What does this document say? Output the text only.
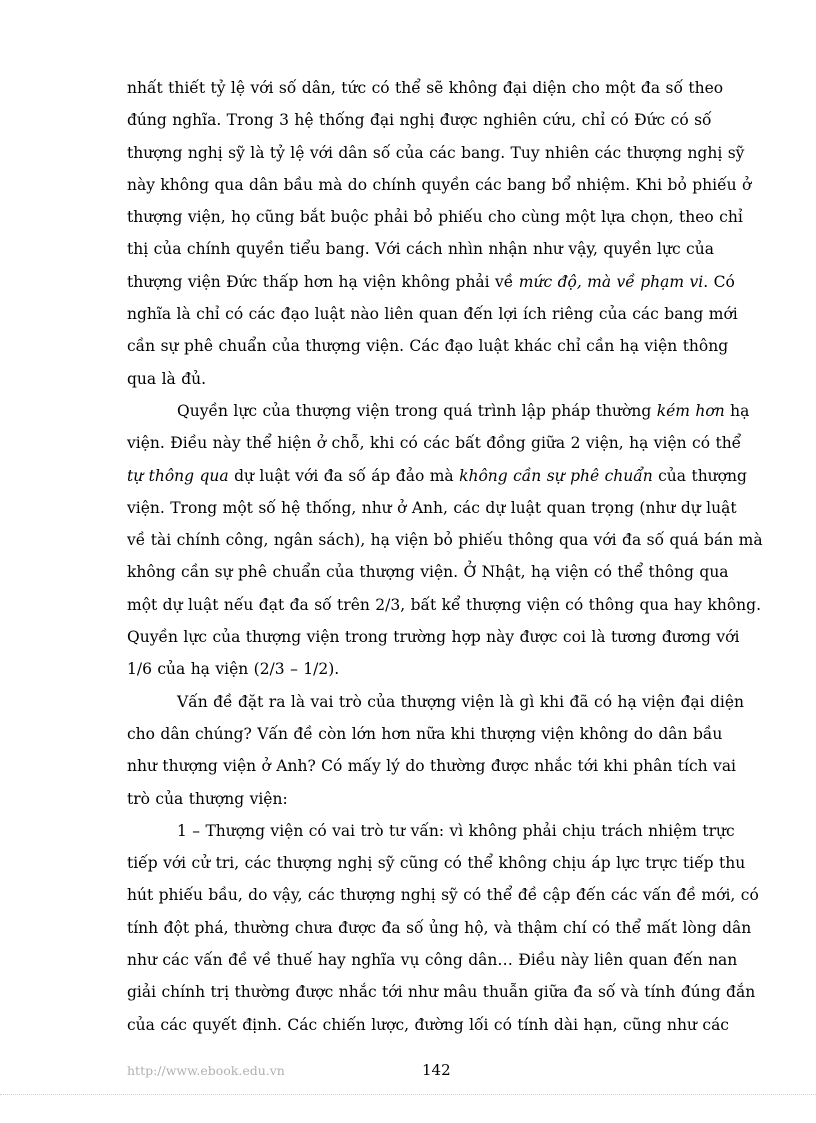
nhất thiết tỷ lệ với số dân, tức có thể sẽ không đại diện cho một đa số theo
đúng nghĩa. Trong 3 hệ thống đại nghị được nghiên cứu, chỉ có Đức có số
thượng nghị sỹ là tỷ lệ với dân số của các bang. Tuy nhiên các thượng nghị sỹ
này không qua dân bầu mà do chính quyền các bang bổ nhiệm. Khi bỏ phiếu ở
thượng viện, họ cũng bắt buộc phải bỏ phiếu cho cùng một lựa chọn, theo chỉ
thị của chính quyền tiểu bang. Với cách nhìn nhận như vậy, quyền lực của
thượng viện Đức thấp hơn hạ viện không phải về mức độ, mà về phạm vi. Có
nghĩa là chỉ có các đạo luật nào liên quan đến lợi ích riêng của các bang mới
cần sự phê chuẩn của thượng viện. Các đạo luật khác chỉ cần hạ viện thông
qua là đủ.
Quyền lực của thượng viện trong quá trình lập pháp thường kém hơn hạ
viện. Điều này thể hiện ở chỗ, khi có các bất đồng giữa 2 viện, hạ viện có thể
tự thông qua dự luật với đa số áp đảo mà không cần sự phê chuẩn của thượng
viện. Trong một số hệ thống, như ở Anh, các dự luật quan trọng (như dự luật
về tài chính công, ngân sách), hạ viện bỏ phiếu thông qua với đa số quá bán mà
không cần sự phê chuẩn của thượng viện. Ở Nhật, hạ viện có thể thông qua
một dự luật nếu đạt đa số trên 2/3, bất kể thượng viện có thông qua hay không.
Quyền lực của thượng viện trong trường hợp này được coi là tương đương với
1/6 của hạ viện (2/3 – 1/2).
Vấn đề đặt ra là vai trò của thượng viện là gì khi đã có hạ viện đại diện
cho dân chúng? Vấn đề còn lớn hơn nữa khi thượng viện không do dân bầu
như thượng viện ở Anh? Có mấy lý do thường được nhắc tới khi phân tích vai
trò của thượng viện:
1 – Thượng viện có vai trò tư vấn: vì không phải chịu trách nhiệm trực
tiếp với cử tri, các thượng nghị sỹ cũng có thể không chịu áp lực trực tiếp thu
hút phiếu bầu, do vậy, các thượng nghị sỹ có thể đề cập đến các vấn đề mới, có
tính đột phá, thường chưa được đa số ủng hộ, và thậm chí có thể mất lòng dân
như các vấn đề về thuế hay nghĩa vụ công dân… Điều này liên quan đến nan
giải chính trị thường được nhắc tới như mâu thuẫn giữa đa số và tính đúng đắn
của các quyết định. Các chiến lược, đường lối có tính dài hạn, cũng như các
http://www.ebook.edu.vn	142
